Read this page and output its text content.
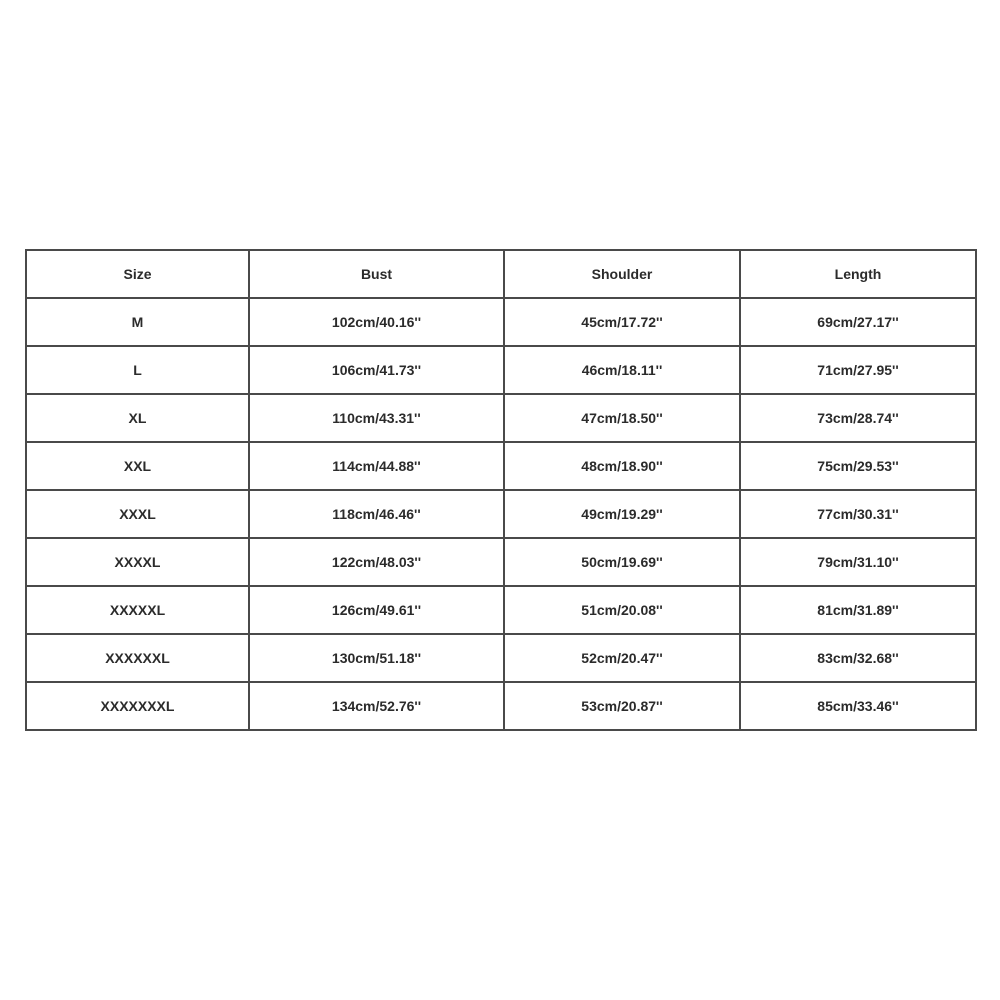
Size	Bust	Shoulder	Length
M	102cm/40.16''	45cm/17.72''	69cm/27.17''
L	106cm/41.73''	46cm/18.11''	71cm/27.95''
XL	110cm/43.31''	47cm/18.50''	73cm/28.74''
XXL	114cm/44.88''	48cm/18.90''	75cm/29.53''
XXXL	118cm/46.46''	49cm/19.29''	77cm/30.31''
XXXXL	122cm/48.03''	50cm/19.69''	79cm/31.10''
XXXXXL	126cm/49.61''	51cm/20.08''	81cm/31.89''
XXXXXXL	130cm/51.18''	52cm/20.47''	83cm/32.68''
XXXXXXXL	134cm/52.76''	53cm/20.87''	85cm/33.46''
